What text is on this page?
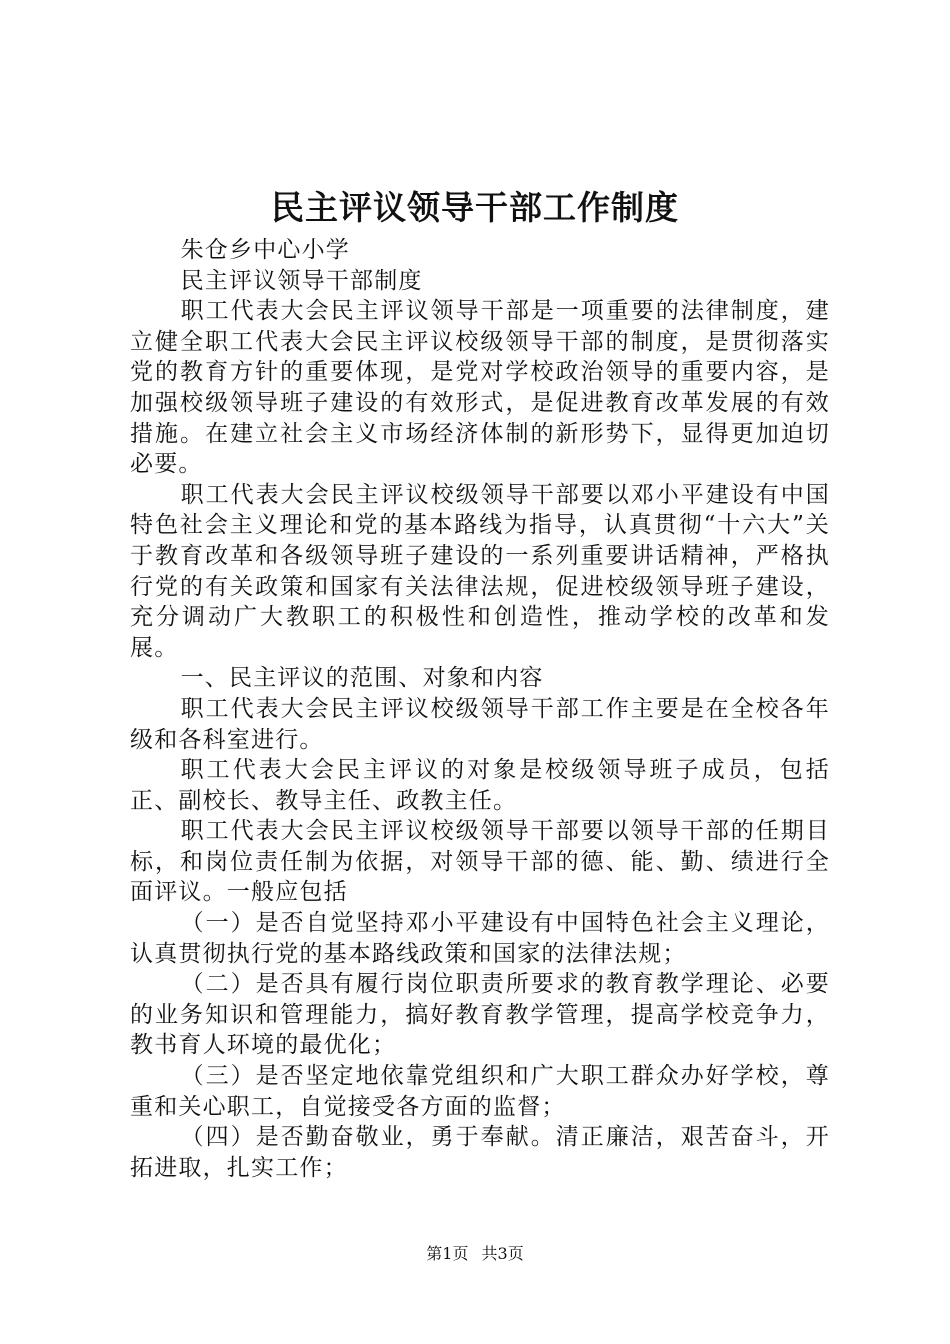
民主评议领导干部工作制度

朱仓乡中心小学

民主评议领导干部制度

职工代表大会民主评议领导干部是一项重要的法律制度，建立健全职工代表大会民主评议校级领导干部的制度，是贯彻落实党的教育方针的重要体现，是党对学校政治领导的重要内容，是加强校级领导班子建设的有效形式，是促进教育改革发展的有效措施。在建立社会主义市场经济体制的新形势下，显得更加迫切必要。

职工代表大会民主评议校级领导干部要以邓小平建设有中国特色社会主义理论和党的基本路线为指导，认真贯彻“十六大”关于教育改革和各级领导班子建设的一系列重要讲话精神，严格执行党的有关政策和国家有关法律法规，促进校级领导班子建设，充分调动广大教职工的积极性和创造性，推动学校的改革和发展。

一、民主评议的范围、对象和内容

职工代表大会民主评议校级领导干部工作主要是在全校各年级和各科室进行。

职工代表大会民主评议的对象是校级领导班子成员，包括正、副校长、教导主任、政教主任。

职工代表大会民主评议校级领导干部要以领导干部的任期目标，和岗位责任制为依据，对领导干部的德、能、勤、绩进行全面评议。一般应包括

（一）是否自觉坚持邓小平建设有中国特色社会主义理论，认真贯彻执行党的基本路线政策和国家的法律法规；

（二）是否具有履行岗位职责所要求的教育教学理论、必要的业务知识和管理能力，搞好教育教学管理，提高学校竞争力，教书育人环境的最优化；

（三）是否坚定地依靠党组织和广大职工群众办好学校，尊重和关心职工，自觉接受各方面的监督；

（四）是否勤奋敬业，勇于奉献。清正廉洁，艰苦奋斗，开拓进取，扎实工作；

第1页 共3页
